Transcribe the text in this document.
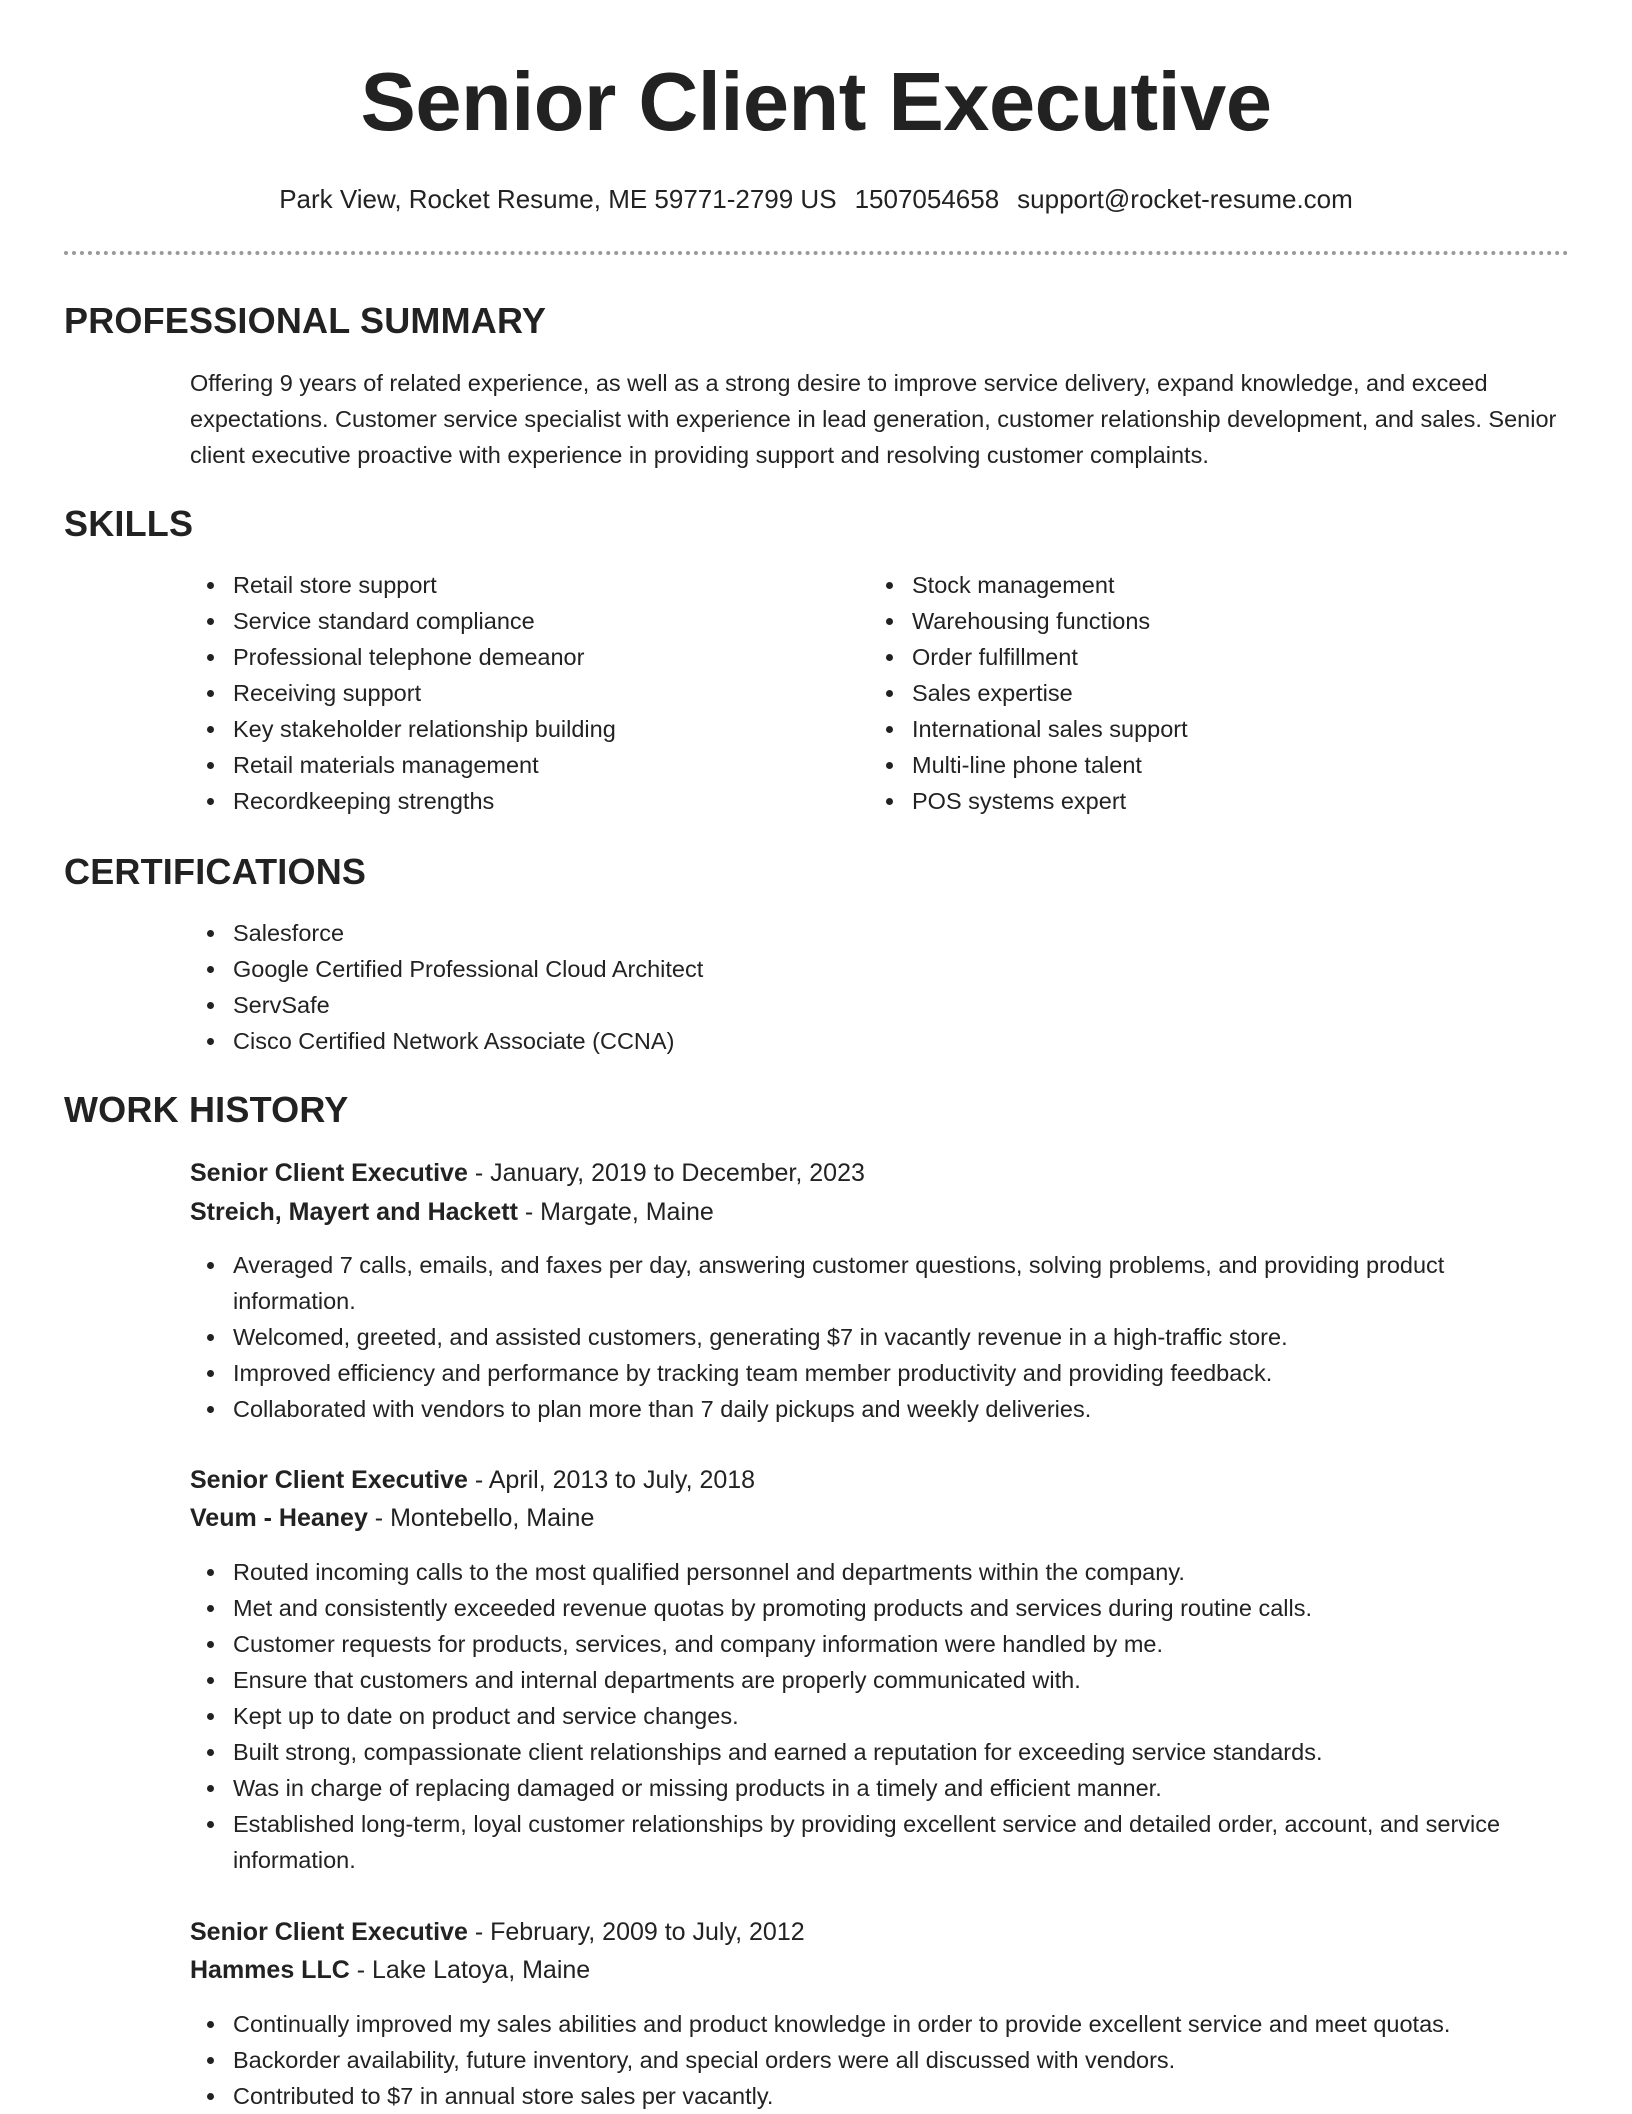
Senior Client Executive
Park View, Rocket Resume, ME 59771-2799 US 1507054658 support@rocket-resume.com
PROFESSIONAL SUMMARY

Offering 9 years of related experience, as well as a strong desire to improve service delivery, expand knowledge, and exceed expectations. Customer service specialist with experience in lead generation, customer relationship development, and sales. Senior client executive proactive with experience in providing support and resolving customer complaints.

SKILLS
Retail store support
Service standard compliance
Professional telephone demeanor
Receiving support
Key stakeholder relationship building
Retail materials management
Recordkeeping strengths
Stock management
Warehousing functions
Order fulfillment
Sales expertise
International sales support
Multi-line phone talent
POS systems expert
CERTIFICATIONS
Salesforce
Google Certified Professional Cloud Architect
ServSafe
Cisco Certified Network Associate (CCNA)
WORK HISTORY

Senior Client Executive - January, 2019 to December, 2023

Streich, Mayert and Hackett - Margate, Maine

Averaged 7 calls, emails, and faxes per day, answering customer questions, solving problems, and providing product information.
Welcomed, greeted, and assisted customers, generating $7 in vacantly revenue in a high-traffic store.
Improved efficiency and performance by tracking team member productivity and providing feedback.
Collaborated with vendors to plan more than 7 daily pickups and weekly deliveries.

Senior Client Executive - April, 2013 to July, 2018

Veum - Heaney - Montebello, Maine

Routed incoming calls to the most qualified personnel and departments within the company.
Met and consistently exceeded revenue quotas by promoting products and services during routine calls.
Customer requests for products, services, and company information were handled by me.
Ensure that customers and internal departments are properly communicated with.
Kept up to date on product and service changes.
Built strong, compassionate client relationships and earned a reputation for exceeding service standards.
Was in charge of replacing damaged or missing products in a timely and efficient manner.
Established long-term, loyal customer relationships by providing excellent service and detailed order, account, and service information.

Senior Client Executive - February, 2009 to July, 2012

Hammes LLC - Lake Latoya, Maine

Continually improved my sales abilities and product knowledge in order to provide excellent service and meet quotas.
Backorder availability, future inventory, and special orders were all discussed with vendors.
Contributed to $7 in annual store sales per vacantly.
